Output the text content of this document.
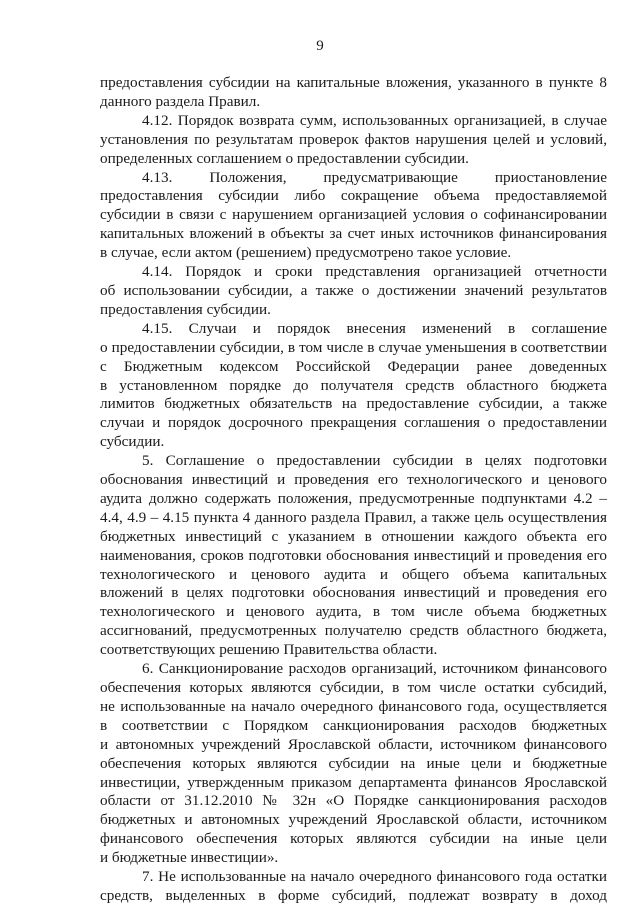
9

предоставления субсидии на капитальные вложения, указанного в пункте 8

данного раздела Правил.

4.12. Порядок возврата сумм, использованных организацией, в случае

установления по результатам проверок фактов нарушения целей и условий,

определенных соглашением о предоставлении субсидии.

4.13. Положения, предусматривающие приостановление

предоставления субсидии либо сокращение объема предоставляемой

субсидии в связи с нарушением организацией условия о софинансировании

капитальных вложений в объекты за счет иных источников финансирования

в случае, если актом (решением) предусмотрено такое условие.

4.14. Порядок и сроки представления организацией отчетности

об использовании субсидии, а также о достижении значений результатов

предоставления субсидии.

4.15. Случаи и порядок внесения изменений в соглашение

о предоставлении субсидии, в том числе в случае уменьшения в соответствии

с Бюджетным кодексом Российской Федерации ранее доведенных

в установленном порядке до получателя средств областного бюджета

лимитов бюджетных обязательств на предоставление субсидии, а также

случаи и порядок досрочного прекращения соглашения о предоставлении

субсидии.

5. Соглашение о предоставлении субсидии в целях подготовки

обоснования инвестиций и проведения его технологического и ценового

аудита должно содержать положения, предусмотренные подпунктами 4.2 –

4.4, 4.9 – 4.15 пункта 4 данного раздела Правил, а также цель осуществления

бюджетных инвестиций с указанием в отношении каждого объекта его

наименования, сроков подготовки обоснования инвестиций и проведения его

технологического и ценового аудита и общего объема капитальных

вложений в целях подготовки обоснования инвестиций и проведения его

технологического и ценового аудита, в том числе объема бюджетных

ассигнований, предусмотренных получателю средств областного бюджета,

соответствующих решению Правительства области.

6. Санкционирование расходов организаций, источником финансового

обеспечения которых являются субсидии, в том числе остатки субсидий,

не использованные на начало очередного финансового года, осуществляется

в соответствии с Порядком санкционирования расходов бюджетных

и автономных учреждений Ярославской области, источником финансового

обеспечения которых являются субсидии на иные цели и бюджетные

инвестиции, утвержденным приказом департамента финансов Ярославской

области от 31.12.2010 № 32н «О Порядке санкционирования расходов

бюджетных и автономных учреждений Ярославской области, источником

финансового обеспечения которых являются субсидии на иные цели

и бюджетные инвестиции».

7. Не использованные на начало очередного финансового года остатки

средств, выделенных в форме субсидий, подлежат возврату в доход
